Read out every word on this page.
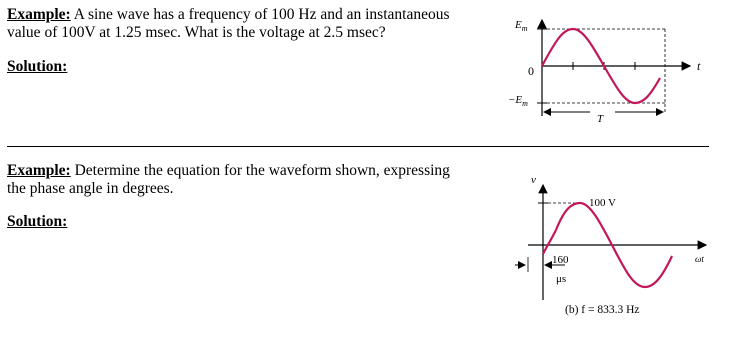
Example: A sine wave has a frequency of 100 Hz and an instantaneous
value of 100V at 1.25 msec. What is the voltage at 2.5 msec?
Solution:
Example: Determine the equation for the waveform shown, expressing
the phase angle in degrees.
Solution:
$E_m$
0
$-E_m$
t
T
v
100 V
160
μs
ωt
(b) f = 833.3 Hz
